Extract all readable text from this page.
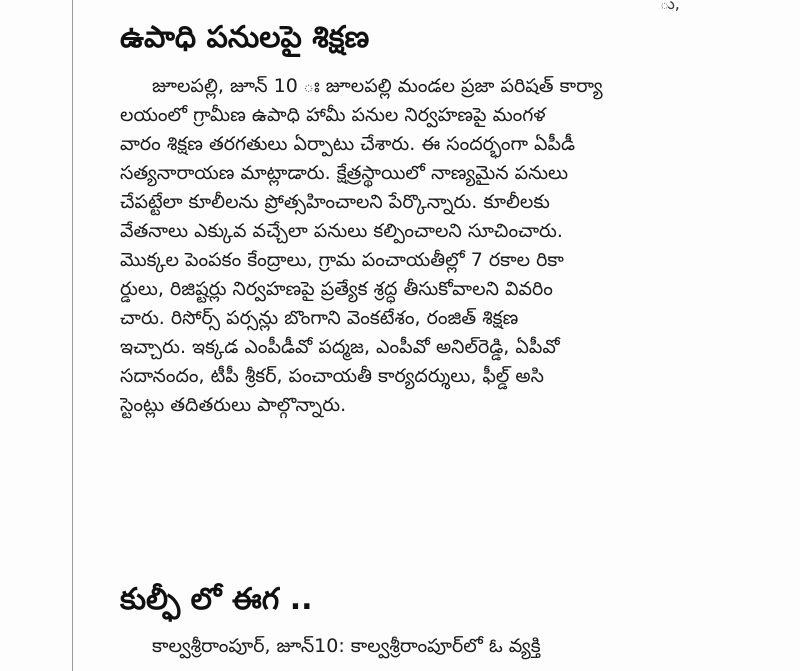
ు,
ఉపాధి పనులపై శిక్షణ

జూలపల్లి, జూన్ 10 ః జూలపల్లి మండల ప్రజా పరిషత్ కార్యా
లయంలో గ్రామీణ ఉపాధి హామీ పనుల నిర్వహణపై మంగళ
వారం శిక్షణ తరగతులు ఏర్పాటు చేశారు. ఈ సందర్భంగా ఏపీడీ
సత్యనారాయణ మాట్లాడారు. క్షేత్రస్థాయిలో నాణ్యమైన పనులు
చేపట్టేలా కూలీలను ప్రోత్సహించాలని పేర్కొన్నారు. కూలీలకు
వేతనాలు ఎక్కువ వచ్చేలా పనులు కల్పించాలని సూచించారు.
మొక్కల పెంపకం కేంద్రాలు, గ్రామ పంచాయతీల్లో 7 రకాల రికా
ర్డులు, రిజిష్టర్లు నిర్వహణపై ప్రత్యేక శ్రద్ధ తీసుకోవాలని వివరిం
చారు. రిసోర్స్ పర్సన్లు బొంగాని వెంకటేశం, రంజిత్ శిక్షణ
ఇచ్చారు. ఇక్కడ ఎంపీడీవో పద్మజ, ఎంపీవో అనిల్‌రెడ్డి, ఏపీవో
సదానందం, టీపీ శ్రీకర్, పంచాయతీ కార్యదర్శులు, ఫీల్డ్ అసి
స్టెంట్లు తదితరులు పాల్గొన్నారు.

కుల్ఫీ లో ఈగ ..

కాల్వశ్రీరాంపూర్, జూన్10: కాల్వశ్రీరాంపూర్‌లో ఓ వ్యక్తి
